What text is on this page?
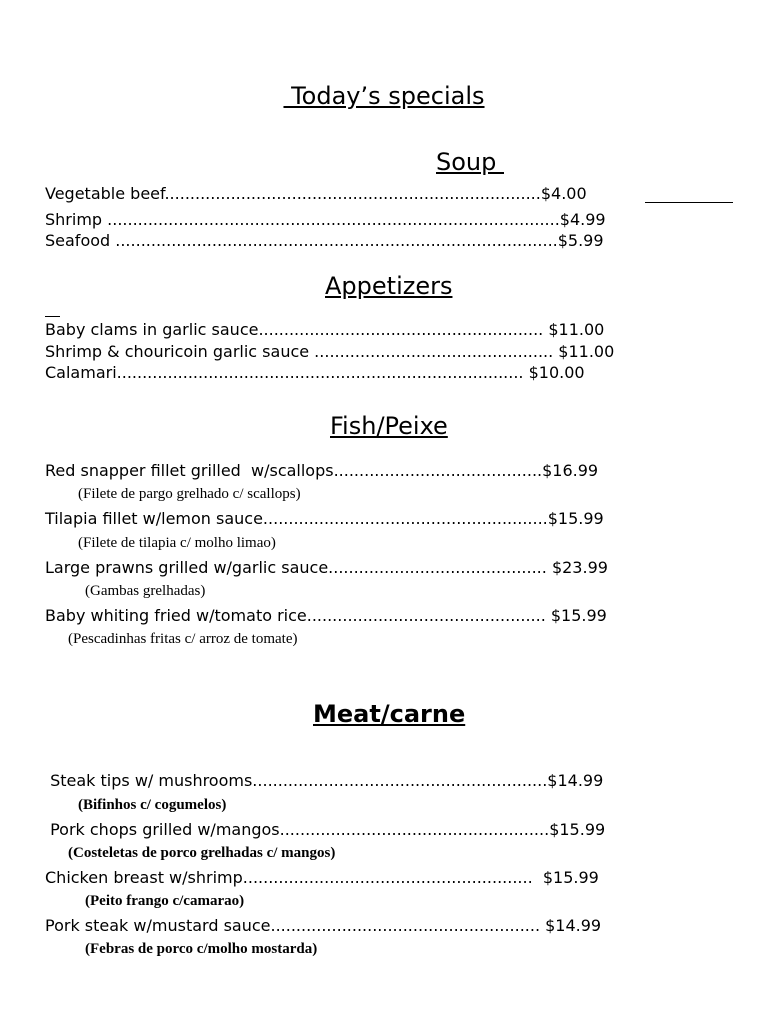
Today’s specials
Soup
Vegetable beef..........................................................................$4.00
Shrimp .........................................................................................$4.99
Seafood .......................................................................................$5.99
Appetizers
Baby clams in garlic sauce........................................................ $11.00
Shrimp & chouricoin garlic sauce ............................................... $11.00
Calamari................................................................................ $10.00
Fish/Peixe
Red snapper fillet grilled  w/scallops.........................................$16.99
(Filete de pargo grelhado c/ scallops)
Tilapia fillet w/lemon sauce........................................................$15.99
(Filete de tilapia c/ molho limao)
Large prawns grilled w/garlic sauce........................................... $23.99
(Gambas grelhadas)
Baby whiting fried w/tomato rice............................................... $15.99
(Pescadinhas fritas c/ arroz de tomate)
Meat/carne
Steak tips w/ mushrooms..........................................................$14.99
(Bifinhos c/ cogumelos)
Pork chops grilled w/mangos.....................................................$15.99
(Costeletas de porco grelhadas c/ mangos)
Chicken breast w/shrimp.........................................................  $15.99
(Peito frango c/camarao)
Pork steak w/mustard sauce..................................................... $14.99
(Febras de porco c/molho mostarda)
